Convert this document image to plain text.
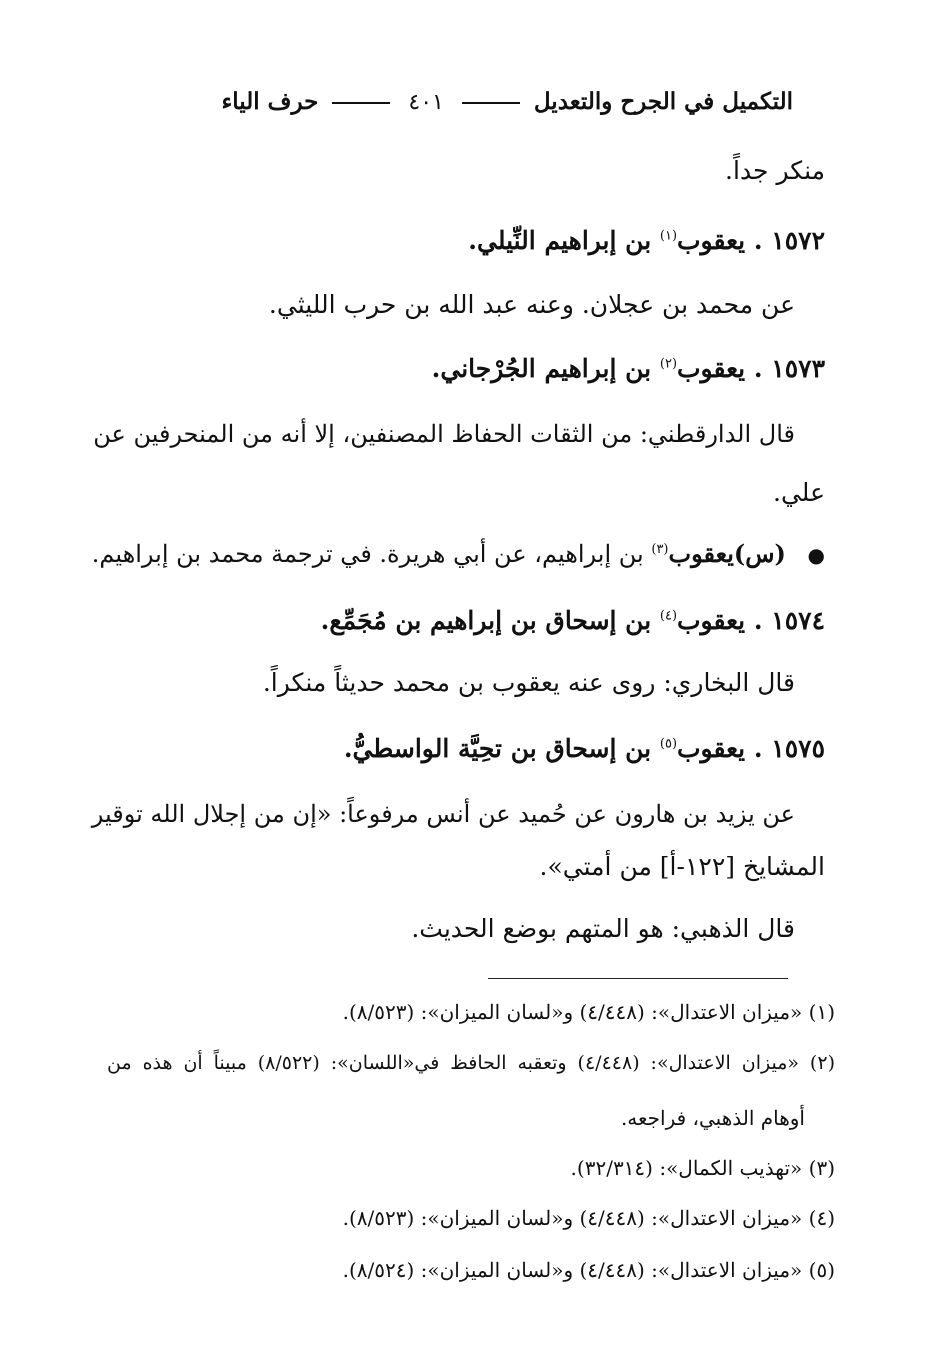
التكميل في الجرح والتعديل  ٤٠١  حرف الياء
منكر جداً.
١٥٧٢ . يعقوب$^{(١)}$ بن إبراهيم النِّيلي.
عن محمد بن عجلان. وعنه عبد الله بن حرب الليثي.
١٥٧٣ . يعقوب$^{(٢)}$ بن إبراهيم الجُرْجاني.
قال الدارقطني: من الثقات الحفاظ المصنفين، إلا أنه من المنحرفين عن
علي.
● (س)يعقوب$^{(٣)}$ بن إبراهيم، عن أبي هريرة. في ترجمة محمد بن إبراهيم.
١٥٧٤ . يعقوب$^{(٤)}$ بن إسحاق بن إبراهيم بن مُجَمِّع.
قال البخاري: روى عنه يعقوب بن محمد حديثاً منكراً.
١٥٧٥ . يعقوب$^{(٥)}$ بن إسحاق بن تحِيَّة الواسطيُّ.
عن يزيد بن هارون عن حُميد عن أنس مرفوعاً: «إن من إجلال الله توقير
المشايخ [١٢٢-أ] من أمتي».
قال الذهبي: هو المتهم بوضع الحديث.
(١) «ميزان الاعتدال»: (٤/٤٤٨) و«لسان الميزان»: (٨/٥٢٣).
(٢) «ميزان الاعتدال»: (٤/٤٤٨) وتعقبه الحافظ في«اللسان»: (٨/٥٢٢) مبيناً أن هذه من
أوهام الذهبي، فراجعه.
(٣) «تهذيب الكمال»: (٣٢/٣١٤).
(٤) «ميزان الاعتدال»: (٤/٤٤٨) و«لسان الميزان»: (٨/٥٢٣).
(٥) «ميزان الاعتدال»: (٤/٤٤٨) و«لسان الميزان»: (٨/٥٢٤).
